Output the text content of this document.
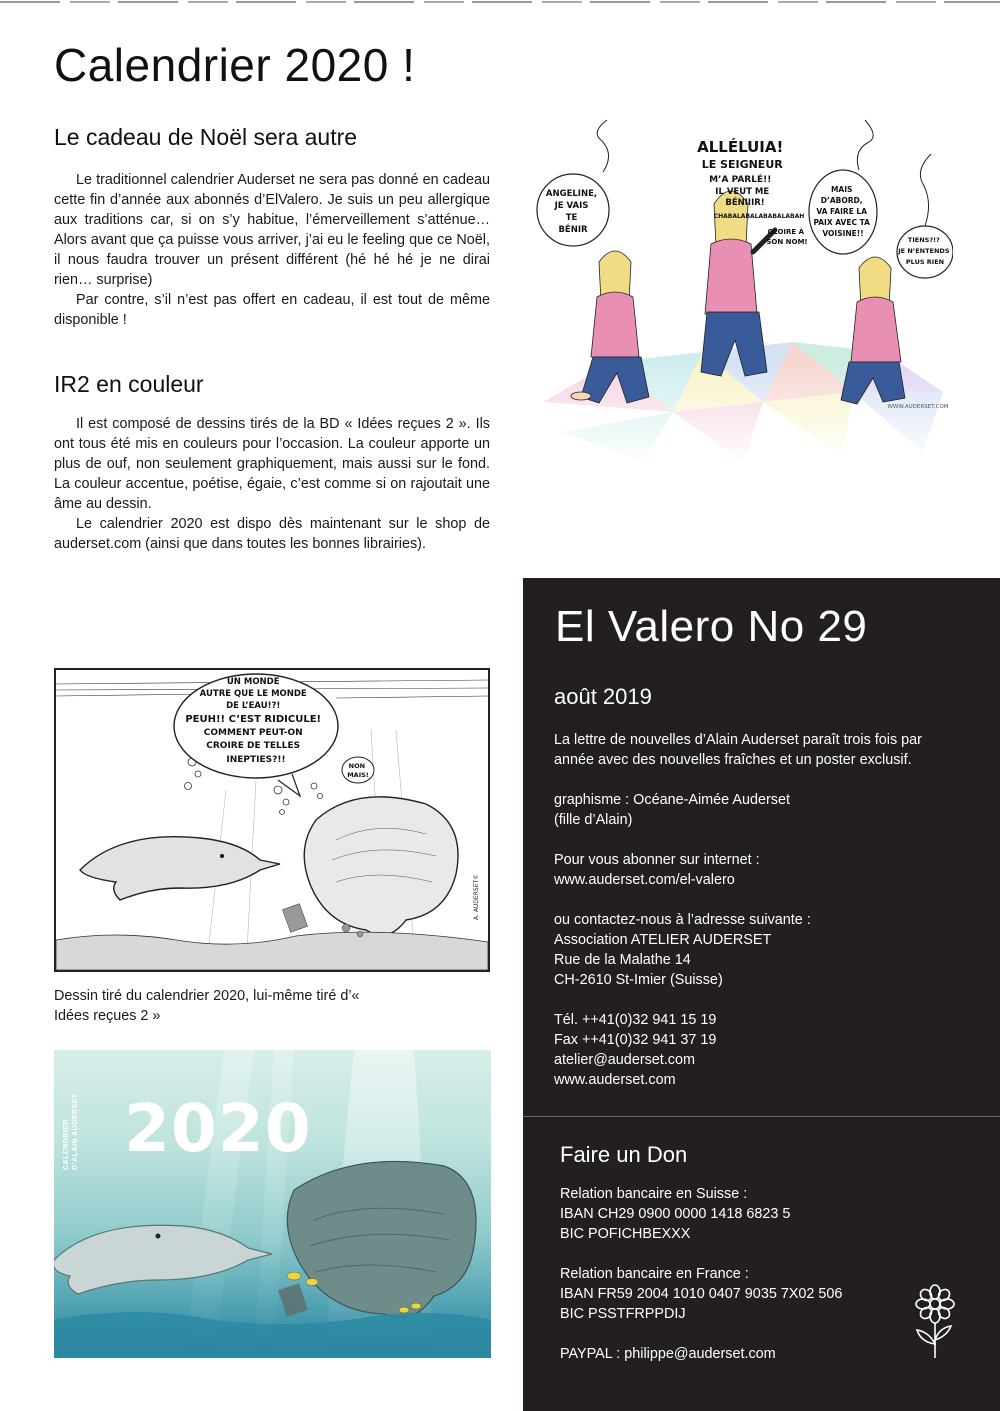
Calendrier 2020 !
Le cadeau de Noël sera autre

Le traditionnel calendrier Auderset ne sera pas donné en cadeau cette fin d’année aux abonnés d’ElValero. Je suis un peu allergique aux traditions car, si on s’y habitue, l’émerveillement s’atténue… Alors avant que ça puisse vous arriver, j’ai eu le feeling que ce Noël, il nous faudra trouver un présent différent (hé hé hé je ne dirai rien… surprise)

Par contre, s’il n’est pas offert en cadeau, il est tout de même disponible !

IR2 en couleur

Il est composé de dessins tirés de la BD « Idées reçues 2 ». Ils ont tous été mis en couleurs pour l’occasion. La couleur apporte un plus de ouf, non seulement graphiquement, mais aussi sur le fond. La couleur accentue, poétise, égaie, c’est comme si on rajoutait une âme au dessin.

Le calendrier 2020 est dispo dès maintenant sur le shop de auderset.com (ainsi que dans toutes les bonnes librairies).

ANGELINE, JE VAIS TE BÉNIR
ALLÉLUIA! LE SEIGNEUR M’A PARLÉ!! IL VEUT ME BÉNIIIR!
CHABALABALABABALABAH
GLOIRE À SON NOM!
MAIS D’ABORD, VA FAIRE LA PAIX AVEC TA VOISINE!!
TIENS?!? JE N’ENTENDS PLUS RIEN
WWW.AUDERSET.COM
UN MONDE AUTRE QUE LE MONDE DE L’EAU!?! PEUH!! C’EST RIDICULE! COMMENT PEUT-ON CROIRE DE TELLES INEPTIES?!!
NON MAIS!
A. AUDERSET©
Dessin tiré du calendrier 2020, lui-même tiré d’« Idées reçues 2 »
2020
CALENDRIER D’ALAIN AUDERSET
El Valero No 29
août 2019

La lettre de nouvelles d’Alain Auderset paraît trois fois par année avec des nouvelles fraîches et un poster exclusif.

graphisme : Océane-Aimée Auderset
(fille d’Alain)

Pour vous abonner sur internet :
www.auderset.com/el-valero

ou contactez-nous à l’adresse suivante :
Association ATELIER AUDERSET
Rue de la Malathe 14
CH-2610 St-Imier (Suisse)

Tél. ++41(0)32 941 15 19
Fax ++41(0)32 941 37 19
atelier@auderset.com
www.auderset.com

Faire un Don

Relation bancaire en Suisse :
IBAN CH29 0900 0000 1418 6823 5
BIC POFICHBEXXX

Relation bancaire en France :
IBAN FR59 2004 1010 0407 9035 7X02 506
BIC PSSTFRPPDIJ

PAYPAL : philippe@auderset.com
